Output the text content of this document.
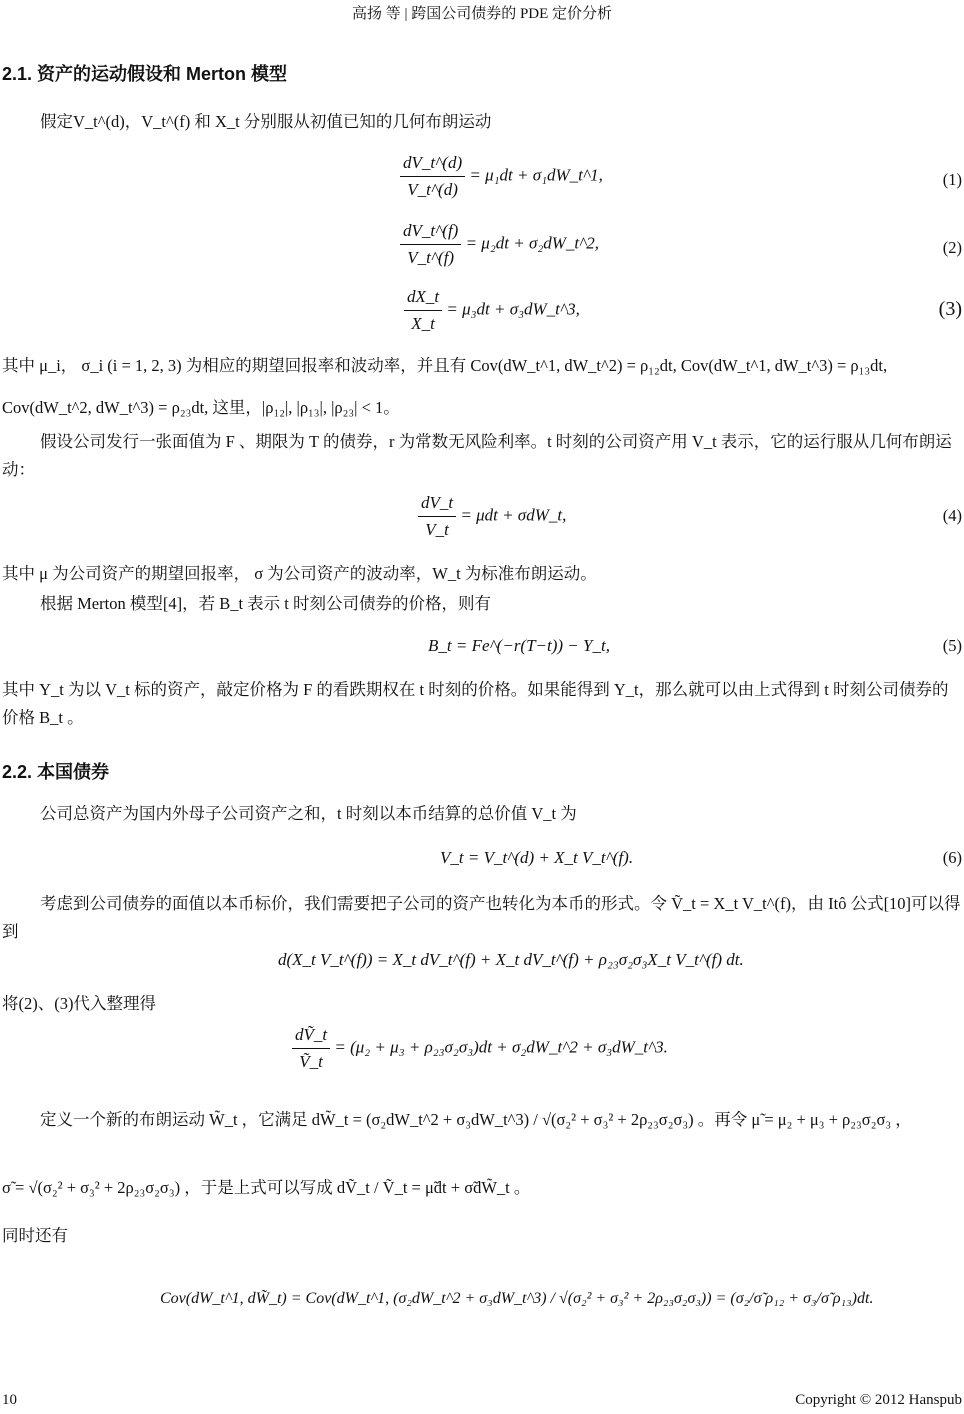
高扬 等 | 跨国公司债券的 PDE 定价分析
2.1. 资产的运动假设和 Merton 模型
假定V_t^(d)，V_t^(f) 和 X_t 分别服从初值已知的几何布朗运动
$\frac{dV\_t\^{}(d)}{V\_t\^{}(d)} = \mu_1dt$ + σ₁dW_t^1,	(1)
$\frac{dV\_t\^{}(f)}{V\_t\^{}(f)} = \mu_2dt$ + σ₂dW_t^2,	(2)
$\frac{dX\_t}{X\_t} = \mu_3dt$ + σ₃dW_t^3,	(3)
其中 μ_i， σ_i (i = 1, 2, 3) 为相应的期望回报率和波动率，并且有 Cov(dW_t^1, dW_t^2) = ρ₁₂dt, Cov(dW_t^1, dW_t^3) = ρ₁₃dt,
Cov(dW_t^2, dW_t^3) = ρ₂₃dt, 这里，|ρ₁₂|, |ρ₁₃|, |ρ₂₃| < 1。
假设公司发行一张面值为 F 、期限为 T 的债券，r 为常数无风险利率。t 时刻的公司资产用 V_t 表示，它的运行服从几何布朗运动：
$\frac{dV\_t}{V\_t} = \mu dt$ + σdW_t,	(4)
其中 μ 为公司资产的期望回报率， σ 为公司资产的波动率，W_t 为标准布朗运动。
根据 Merton 模型[4]，若 B_t 表示 t 时刻公司债券的价格，则有
B_t = Fe^(−r(T−t)) − Y_t,	(5)
其中 Y_t 为以 V_t 标的资产，敲定价格为 F 的看跌期权在 t 时刻的价格。如果能得到 Y_t，那么就可以由上式得到 t 时刻公司债券的价格 B_t 。
2.2. 本国债券
公司总资产为国内外母子公司资产之和，t 时刻以本币结算的总价值 V_t 为
V_t = V_t^(d) + X_t V_t^(f).	(6)
考虑到公司债券的面值以本币标价，我们需要把子公司的资产也转化为本币的形式。令 Ṽ_t = X_t V_t^(f)，由 Itô 公式[10]可以得到
d(X_t V_t^(f)) = X_t dV_t^(f) + X_t dV_t^(f) + ρ₂₃σ₂σ₃X_t V_t^(f) dt.
将(2)、(3)代入整理得
$\frac{\text{dṼ\_t}}{\text{Ṽ\_t}} = (\mu_2 + \mu_3 + \rho_{23}\sigma_2\sigma_3)dt$ + σ₂dW_t^2 + σ₃dW_t^3.
定义一个新的布朗运动 W̃_t ，它满足 dW̃_t = (σ₂dW_t^2 + σ₃dW_t^3) / √(σ₂² + σ₃² + 2ρ₂₃σ₂σ₃) 。再令 μ̃ = μ₂ + μ₃ + ρ₂₃σ₂σ₃ ，
σ̃ = √(σ₂² + σ₃² + 2ρ₂₃σ₂σ₃) ，于是上式可以写成 dṼ_t / Ṽ_t = μ̃dt + σ̃dW̃_t 。
同时还有
Cov(dW_t^1, dW̃_t) = Cov(dW_t^1, (σ₂dW_t^2 + σ₃dW_t^3) / √(σ₂² + σ₃² + 2ρ₂₃σ₂σ₃)) = (σ₂/σ̃ ρ₁₂ + σ₃/σ̃ ρ₁₃)dt.
10	Copyright © 2012 Hanspub
